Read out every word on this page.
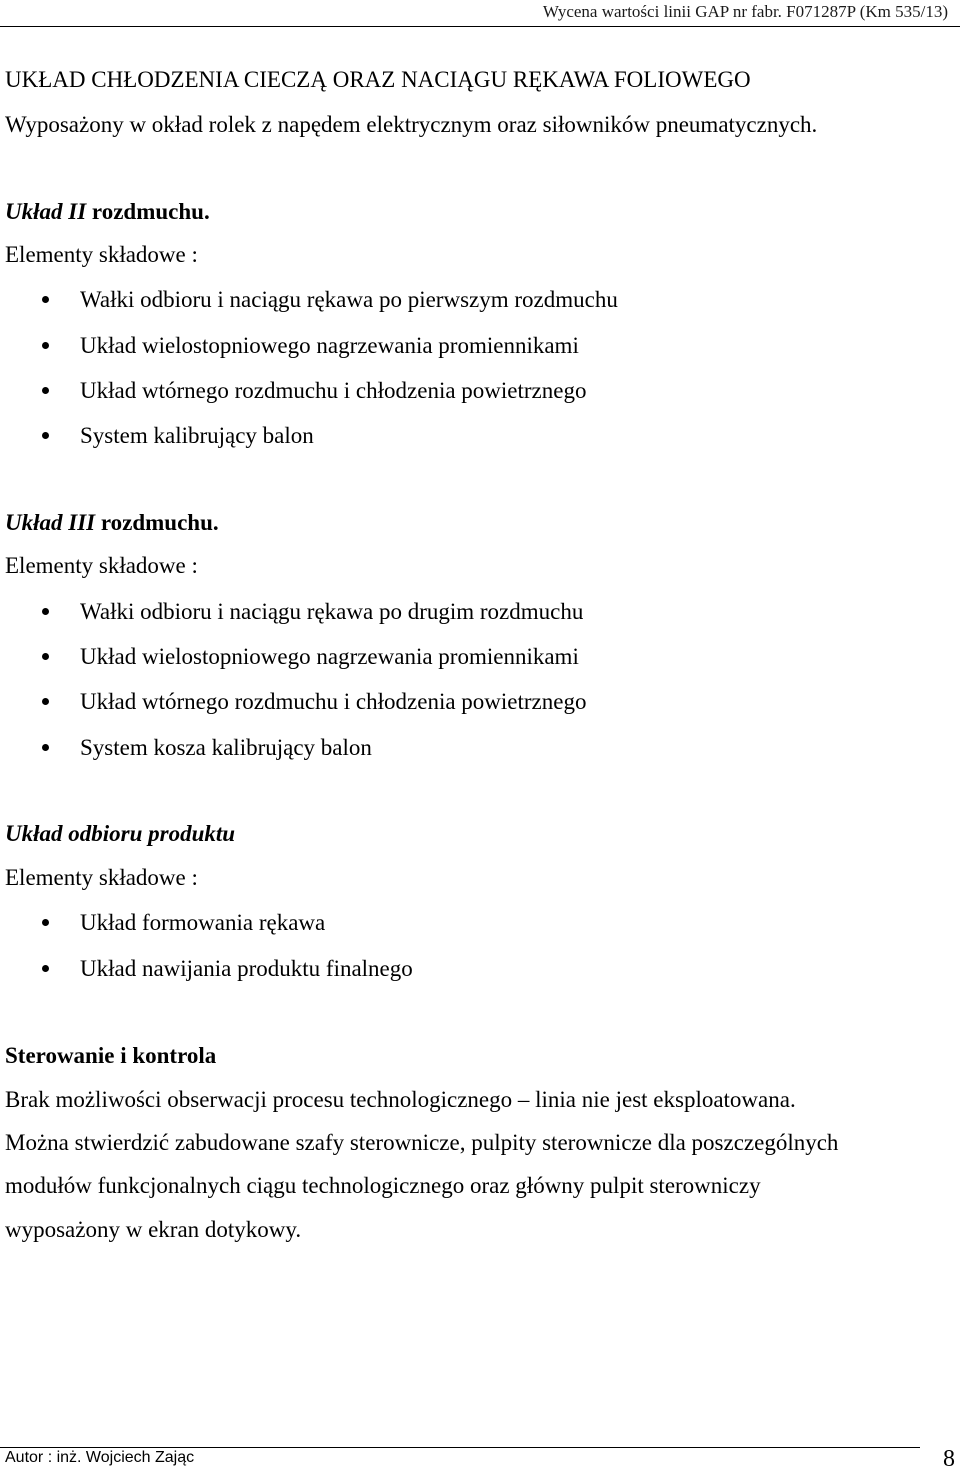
Wycena wartości linii GAP nr fabr. F071287P (Km 535/13)
UKŁAD CHŁODZENIA CIECZĄ ORAZ NACIĄGU RĘKAWA FOLIOWEGO
Wyposażony w okład rolek z napędem elektrycznym oraz siłowników pneumatycznych.
Układ II rozdmuchu.
Elementy składowe :
Wałki odbioru i naciągu rękawa po pierwszym rozdmuchu
Układ wielostopniowego nagrzewania promiennikami
Układ wtórnego rozdmuchu i chłodzenia powietrznego
System kalibrujący balon
Układ III rozdmuchu.
Elementy składowe :
Wałki odbioru i naciągu rękawa po drugim rozdmuchu
Układ wielostopniowego nagrzewania promiennikami
Układ wtórnego rozdmuchu i chłodzenia powietrznego
System kosza kalibrujący balon
Układ odbioru produktu
Elementy składowe :
Układ formowania rękawa
Układ nawijania produktu finalnego
Sterowanie i kontrola
Brak możliwości obserwacji procesu technologicznego – linia nie jest eksploatowana.
Można stwierdzić zabudowane szafy sterownicze, pulpity sterownicze dla poszczególnych
modułów funkcjonalnych ciągu technologicznego oraz główny pulpit sterowniczy
wyposażony w ekran dotykowy.
Autor : inż. Wojciech Zając	8
